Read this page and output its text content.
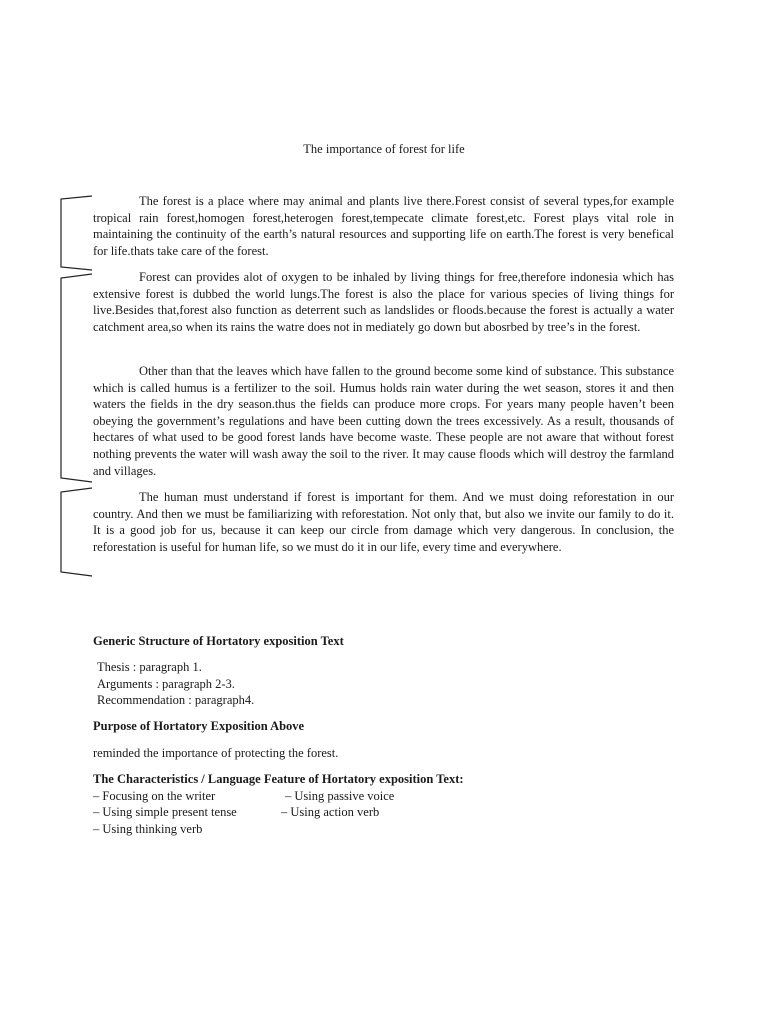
The importance of forest for life

The forest is a place where may animal and plants live there.Forest consist of several types,for example tropical rain forest,homogen forest,heterogen forest,tempecate climate forest,etc. Forest plays vital role in maintaining the continuity of the earth’s natural resources and supporting life on earth.The forest is very benefical for life.thats take care of the forest.

Forest can provides alot of oxygen to be inhaled by living things for free,therefore indonesia which has extensive forest is dubbed the world lungs.The forest is also the place for various species of living things for live.Besides that,forest also function as deterrent such as landslides or floods.because the forest is actually a water catchment area,so when its rains the watre does not in mediately go down but abosrbed by tree’s in the forest.

Other than that the leaves which have fallen to the ground become some kind of substance. This substance which is called humus is a fertilizer to the soil. Humus holds rain water during the wet season, stores it and then waters the fields in the dry season.thus the fields can produce more crops. For years many people haven’t been obeying the government’s regulations and have been cutting down the trees excessively. As a result, thousands of hectares of what used to be good forest lands have become waste. These people are not aware that without forest nothing prevents the water will wash away the soil to the river. It may cause floods which will destroy the farmland and villages.

The human must understand if forest is important for them. And we must doing reforestation in our country. And then we must be familiarizing with reforestation. Not only that, but also we invite our family to do it. It is a good job for us, because it can keep our circle from damage which very dangerous. In conclusion, the reforestation is useful for human life, so we must do it in our life, every time and everywhere.

Generic Structure of Hortatory exposition Text

Thesis : paragraph 1.

Arguments : paragraph 2-3.

Recommendation : paragraph4.

Purpose of Hortatory Exposition Above

reminded the importance of protecting the forest.

The Characteristics / Language Feature of Hortatory exposition Text:

– Focusing on the writer	– Using passive voice

– Using simple present tense	– Using action verb

– Using thinking verb
